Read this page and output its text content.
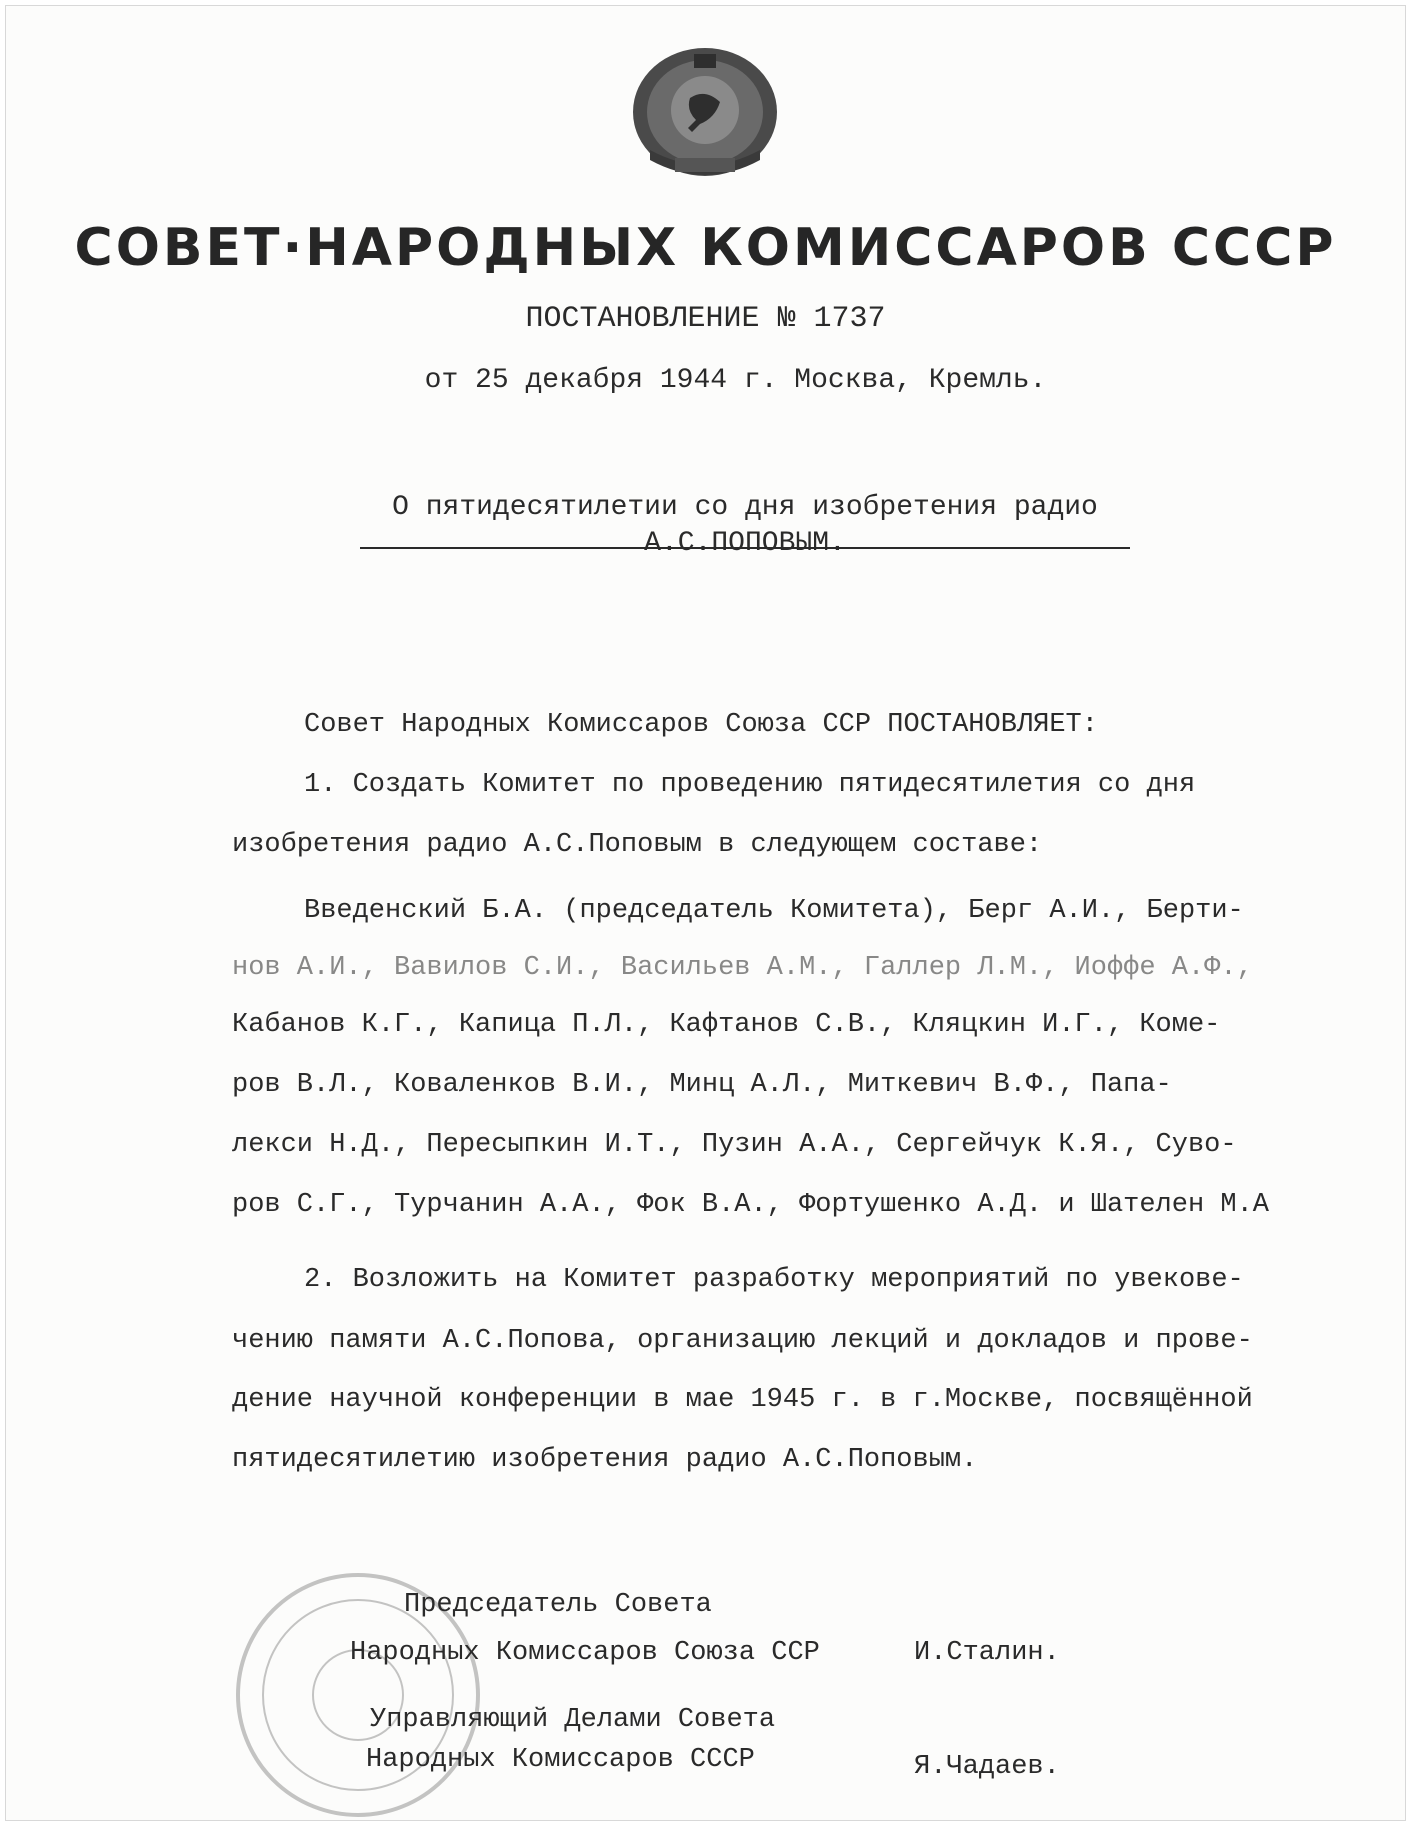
СОВЕТ·НАРОДНЫХ КОМИССАРОВ СССР
ПОСТАНОВЛЕНИЕ № 1737
от 25 декабря 1944 г. Москва, Кремль.
О пятидесятилетии со дня изобретения радио
А.С.ПОПОВЫМ.
Совет Народных Комиссаров Союза ССР ПОСТАНОВЛЯЕТ:
1. Создать Комитет по проведению пятидесятилетия со дня
изобретения радио А.С.Поповым в следующем составе:
Введенский Б.А. (председатель Комитета), Берг А.И., Берти-
нов А.И., Вавилов С.И., Васильев А.М., Галлер Л.М., Иоффе А.Ф.,
Кабанов К.Г., Капица П.Л., Кафтанов С.В., Кляцкин И.Г., Коме-
ров В.Л., Коваленков В.И., Минц А.Л., Миткевич В.Ф., Папа-
лекси Н.Д., Пересыпкин И.Т., Пузин А.А., Сергейчук К.Я., Суво-
ров С.Г., Турчанин А.А., Фок В.А., Фортушенко А.Д. и Шателен М.А
2. Возложить на Комитет разработку мероприятий по увекове-
чению памяти А.С.Попова, организацию лекций и докладов и прове-
дение научной конференции в мае 1945 г. в г.Москве, посвящённой
пятидесятилетию изобретения радио А.С.Поповым.
Председатель Совета
Народных Комиссаров Союза ССР	И.Сталин.
Управляющий Делами Совета
Народных Комиссаров СССР	Я.Чадаев.
